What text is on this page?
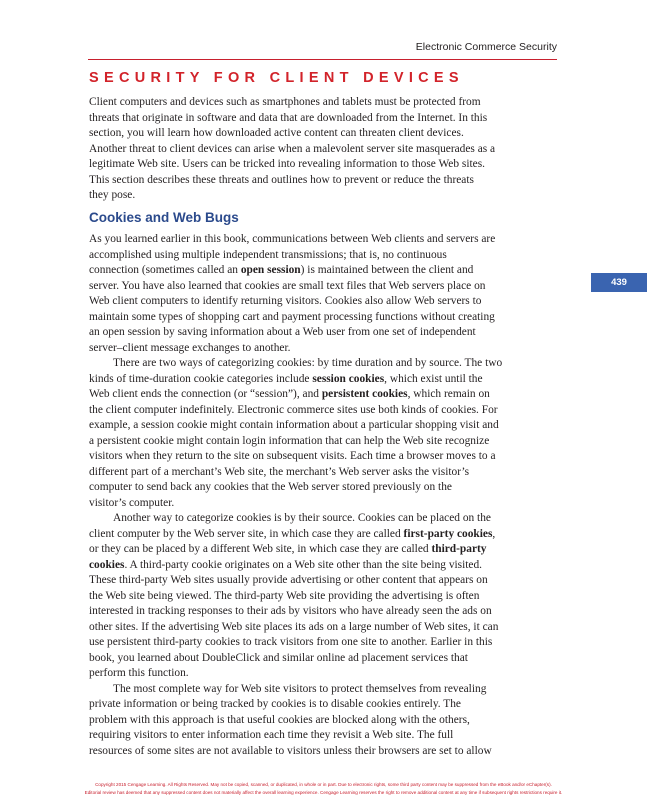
Electronic Commerce Security
SECURITY FOR CLIENT DEVICES
Client computers and devices such as smartphones and tablets must be protected from
threats that originate in software and data that are downloaded from the Internet. In this
section, you will learn how downloaded active content can threaten client devices.
Another threat to client devices can arise when a malevolent server site masquerades as a
legitimate Web site. Users can be tricked into revealing information to those Web sites.
This section describes these threats and outlines how to prevent or reduce the threats
they pose.
Cookies and Web Bugs
As you learned earlier in this book, communications between Web clients and servers are
accomplished using multiple independent transmissions; that is, no continuous
connection (sometimes called an open session) is maintained between the client and
server. You have also learned that cookies are small text files that Web servers place on
Web client computers to identify returning visitors. Cookies also allow Web servers to
maintain some types of shopping cart and payment processing functions without creating
an open session by saving information about a Web user from one set of independent
server–client message exchanges to another.
There are two ways of categorizing cookies: by time duration and by source. The two
kinds of time-duration cookie categories include session cookies, which exist until the
Web client ends the connection (or “session”), and persistent cookies, which remain on
the client computer indefinitely. Electronic commerce sites use both kinds of cookies. For
example, a session cookie might contain information about a particular shopping visit and
a persistent cookie might contain login information that can help the Web site recognize
visitors when they return to the site on subsequent visits. Each time a browser moves to a
different part of a merchant’s Web site, the merchant’s Web server asks the visitor’s
computer to send back any cookies that the Web server stored previously on the
visitor’s computer.
Another way to categorize cookies is by their source. Cookies can be placed on the
client computer by the Web server site, in which case they are called first-party cookies,
or they can be placed by a different Web site, in which case they are called third-party
cookies. A third-party cookie originates on a Web site other than the site being visited.
These third-party Web sites usually provide advertising or other content that appears on
the Web site being viewed. The third-party Web site providing the advertising is often
interested in tracking responses to their ads by visitors who have already seen the ads on
other sites. If the advertising Web site places its ads on a large number of Web sites, it can
use persistent third-party cookies to track visitors from one site to another. Earlier in this
book, you learned about DoubleClick and similar online ad placement services that
perform this function.
The most complete way for Web site visitors to protect themselves from revealing
private information or being tracked by cookies is to disable cookies entirely. The
problem with this approach is that useful cookies are blocked along with the others,
requiring visitors to enter information each time they revisit a Web site. The full
resources of some sites are not available to visitors unless their browsers are set to allow
439
Copyright 2015 Cengage Learning. All Rights Reserved. May not be copied, scanned, or duplicated, in whole or in part. Due to electronic rights, some third party content may be suppressed from the eBook and/or eChapter(s).
Editorial review has deemed that any suppressed content does not materially affect the overall learning experience. Cengage Learning reserves the right to remove additional content at any time if subsequent rights restrictions require it.
